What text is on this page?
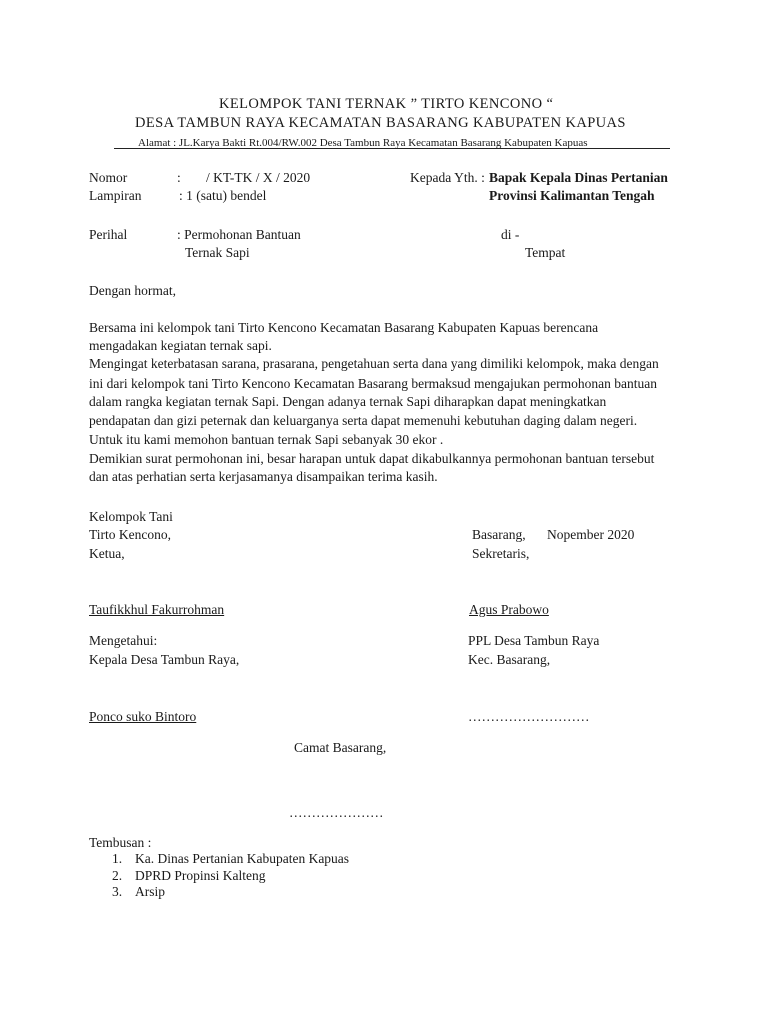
KELOMPOK TANI TERNAK ” TIRTO KENCONO “
DESA TAMBUN RAYA KECAMATAN BASARANG KABUPATEN KAPUAS
Alamat : JL.Karya Bakti Rt.004/RW.002 Desa Tambun Raya Kecamatan Basarang Kabupaten Kapuas
Nomor	: / KT-TK / X / 2020
Lampiran	: 1 (satu) bendel
Kepada Yth. : Bapak Kepala Dinas Pertanian
Provinsi Kalimantan Tengah
Perihal	: Permohonan Bantuan
Ternak Sapi
di -
Tempat
Dengan hormat,
Bersama ini kelompok tani Tirto Kencono Kecamatan Basarang Kabupaten Kapuas berencana
mengadakan kegiatan ternak sapi.
Mengingat keterbatasan sarana, prasarana, pengetahuan serta dana yang dimiliki kelompok, maka dengan
ini dari kelompok tani Tirto Kencono Kecamatan Basarang bermaksud mengajukan permohonan bantuan
dalam rangka kegiatan ternak Sapi. Dengan adanya ternak Sapi diharapkan dapat meningkatkan
pendapatan dan gizi peternak dan keluarganya serta dapat memenuhi kebutuhan daging dalam negeri.
Untuk itu kami memohon bantuan ternak Sapi sebanyak 30 ekor .
Demikian surat permohonan ini, besar harapan untuk dapat dikabulkannya permohonan bantuan tersebut
dan atas perhatian serta kerjasamanya disampaikan terima kasih.
Kelompok Tani
Tirto Kencono,
Ketua,
Basarang, Nopember 2020
Sekretaris,
Taufikkhul Fakurrohman	Agus Prabowo
Mengetahui:
Kepala Desa Tambun Raya,
PPL Desa Tambun Raya
Kec. Basarang,
Ponco suko Bintoro	………………………
Camat Basarang,
…………………
Tembusan :
1. Ka. Dinas Pertanian Kabupaten Kapuas
2. DPRD Propinsi Kalteng
3. Arsip
